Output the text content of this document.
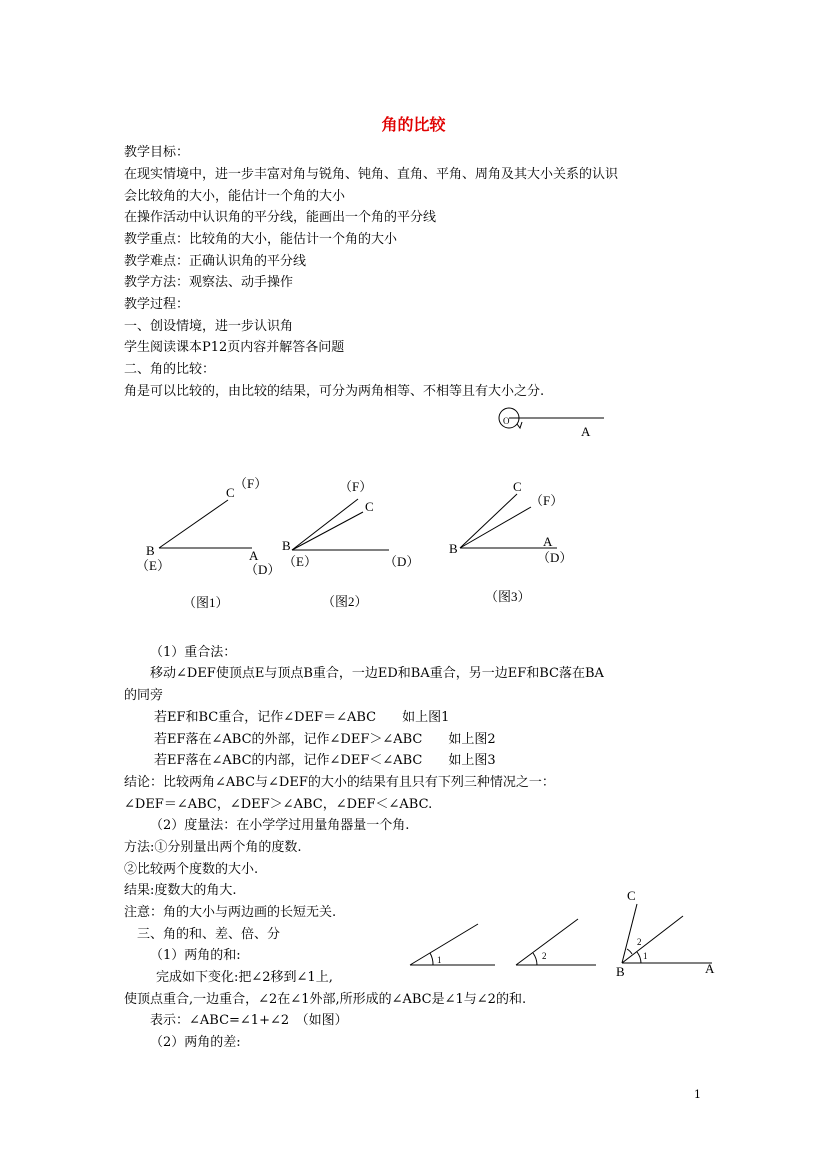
角的比较
教学目标：
在现实情境中，进一步丰富对角与锐角、钝角、直角、平角、周角及其大小关系的认识
会比较角的大小，能估计一个角的大小
在操作活动中认识角的平分线，能画出一个角的平分线
教学重点：比较角的大小，能估计一个角的大小
教学难点：正确认识角的平分线
教学方法：观察法、动手操作
教学过程：
一、创设情境，进一步认识角
学生阅读课本P12页内容并解答各问题
二、角的比较：
角是可以比较的，由比较的结果，可分为两角相等、不相等且有大小之分.
O
A
C
（F）
B
（E）
A
（D）
（图1）
（F）
C
B
（E）	（D）
（图2）
C
（F）
B	A
（D）
（图3）
1	2
C
B	A
1
2
（1）重合法：
移动∠DEF使顶点E与顶点B重合，一边ED和BA重合，另一边EF和BC落在BA
的同旁
若EF和BC重合，记作∠DEF＝∠ABC　　如上图1
若EF落在∠ABC的外部，记作∠DEF＞∠ABC　　如上图2
若EF落在∠ABC的内部，记作∠DEF＜∠ABC　　如上图3
结论：比较两角∠ABC与∠DEF的大小的结果有且只有下列三种情况之一：
∠DEF＝∠ABC，∠DEF＞∠ABC，∠DEF＜∠ABC.
（2）度量法：在小学学过用量角器量一个角.
方法:①分别量出两个角的度数.
②比较两个度数的大小.
结果:度数大的角大.
注意：角的大小与两边画的长短无关.
三、角的和、差、倍、分
（1）两角的和:
完成如下变化:把∠2移到∠1上,
使顶点重合,一边重合，∠2在∠1外部,所形成的∠ABC是∠1与∠2的和.
表示：∠ABC=∠1+∠2　（如图）
（2）两角的差:
1
